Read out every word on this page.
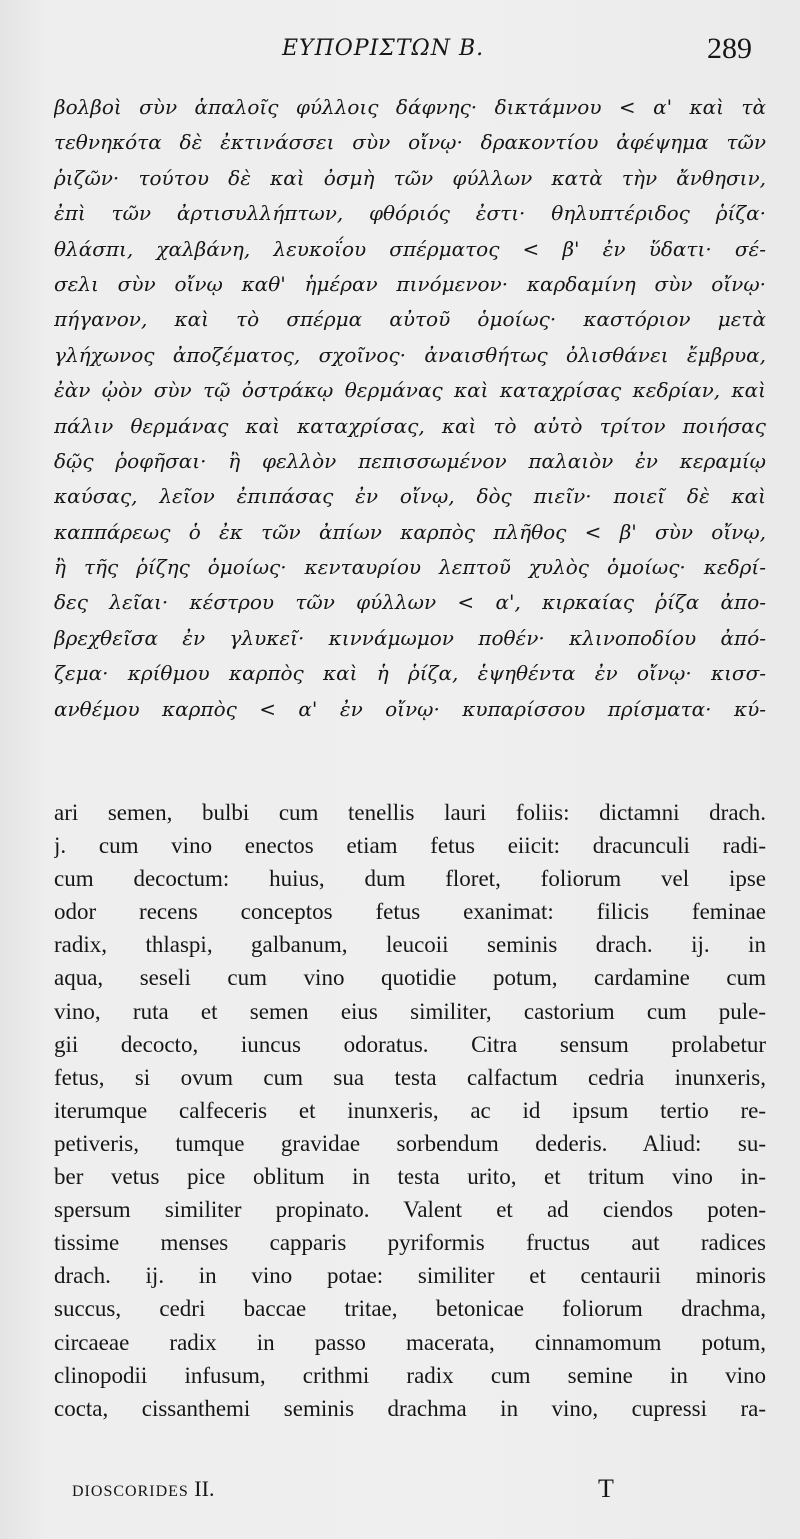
ΕΥΠΟΡΙΣΤΩΝ Β.	289
βολβοὶ σὺν ἁπαλοῖς φύλλοις δάφνης· δικτάμνου < α' καὶ τὰ
τεθνηκότα δὲ ἐκτινάσσει σὺν οἴνῳ· δρακοντίου ἀφέψημα τῶν
ῥιζῶν· τούτου δὲ καὶ ὀσμὴ τῶν φύλλων κατὰ τὴν ἄνθησιν,
ἐπὶ τῶν ἀρτισυλλήπτων, φθόριός ἐστι· θηλυπτέριδος ῥίζα·
θλάσπι, χαλβάνη, λευκοΐου σπέρματος < β' ἐν ὕδατι· σέ-
σελι σὺν οἴνῳ καθ' ἡμέραν πινόμενον· καρδαμίνη σὺν οἴνῳ·
πήγανον, καὶ τὸ σπέρμα αὐτοῦ ὁμοίως· καστόριον μετὰ
γλήχωνος ἀποζέματος, σχοῖνος· ἀναισθήτως ὀλισθάνει ἔμβρυα,
ἐὰν ᾠὸν σὺν τῷ ὀστράκῳ θερμάνας καὶ καταχρίσας κεδρίαν, καὶ
πάλιν θερμάνας καὶ καταχρίσας, καὶ τὸ αὐτὸ τρίτον ποιήσας
δῷς ῥοφῆσαι· ἢ φελλὸν πεπισσωμένον παλαιὸν ἐν κεραμίῳ
καύσας, λεῖον ἐπιπάσας ἐν οἴνῳ, δὸς πιεῖν· ποιεῖ δὲ καὶ
καππάρεως ὁ ἐκ τῶν ἀπίων καρπὸς πλῆθος < β' σὺν οἴνῳ,
ἢ τῆς ῥίζης ὁμοίως· κενταυρίου λεπτοῦ χυλὸς ὁμοίως· κεδρί-
δες λεῖαι· κέστρου τῶν φύλλων < α', κιρκαίας ῥίζα ἀπο-
βρεχθεῖσα ἐν γλυκεῖ· κιννάμωμον ποθέν· κλινοποδίου ἀπό-
ζεμα· κρίθμου καρπὸς καὶ ἡ ῥίζα, ἑψηθέντα ἐν οἴνῳ· κισσ-
ανθέμου καρπὸς < α' ἐν οἴνῳ· κυπαρίσσου πρίσματα· κύ-
ari semen, bulbi cum tenellis lauri foliis: dictamni drach.
j. cum vino enectos etiam fetus eiicit: dracunculi radi-
cum decoctum: huius, dum floret, foliorum vel ipse
odor recens conceptos fetus exanimat: filicis feminae
radix, thlaspi, galbanum, leucoii seminis drach. ij. in
aqua, seseli cum vino quotidie potum, cardamine cum
vino, ruta et semen eius similiter, castorium cum pule-
gii decocto, iuncus odoratus. Citra sensum prolabetur
fetus, si ovum cum sua testa calfactum cedria inunxeris,
iterumque calfeceris et inunxeris, ac id ipsum tertio re-
petiveris, tumque gravidae sorbendum dederis. Aliud: su-
ber vetus pice oblitum in testa urito, et tritum vino in-
spersum similiter propinato. Valent et ad ciendos poten-
tissime menses capparis pyriformis fructus aut radices
drach. ij. in vino potae: similiter et centaurii minoris
succus, cedri baccae tritae, betonicae foliorum drachma,
circaeae radix in passo macerata, cinnamomum potum,
clinopodii infusum, crithmi radix cum semine in vino
cocta, cissanthemi seminis drachma in vino, cupressi ra-
DIOSCORIDES II.	T
